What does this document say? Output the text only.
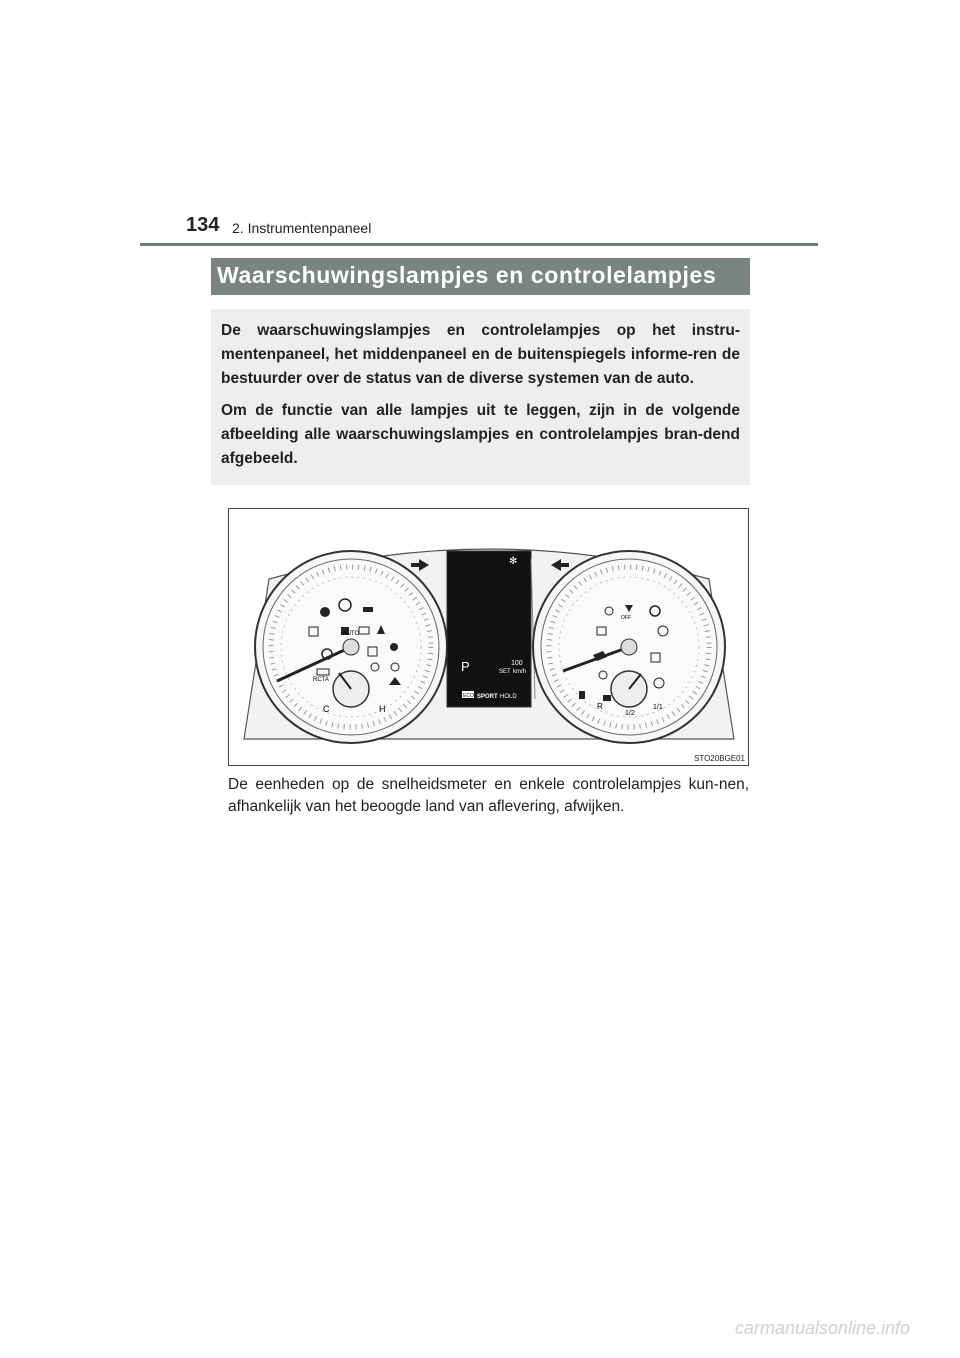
134 2. Instrumentenpaneel
Waarschuwingslampjes en controlelampjes

De waarschuwingslampjes en controlelampjes op het instru-mentenpaneel, het middenpaneel en de buitenspiegels informe-ren de bestuurder over de status van de diverse systemen van de auto.

Om de functie van alle lampjes uit te leggen, zijn in de volgende afbeelding alle waarschuwingslampjes en controlelampjes bran-dend afgebeeld.

C	H
AUTO
RCTA
✻
P	100
SET km/h
ECO SPORT HOLD
R
1/2
1/1
OFF
STO20BGE01
De eenheden op de snelheidsmeter en enkele controlelampjes kun-nen, afhankelijk van het beoogde land van aflevering, afwijken.
carmanualsonline.info
